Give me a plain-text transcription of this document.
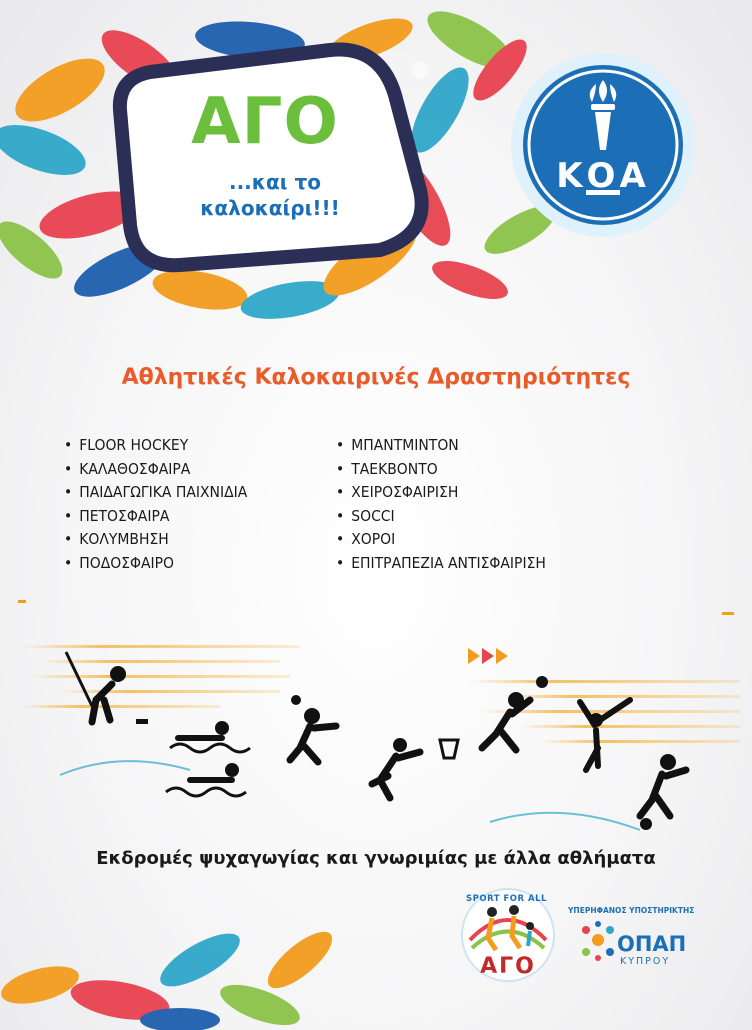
ΑΓΟ
...και το
καλοκαίρι!!!
ΚΟΑ
Αθλητικές Καλοκαιρινές Δραστηριότητες
• FLOOR HOCKEY
• ΚΑΛΑΘΟΣΦΑΙΡΑ
• ΠΑΙΔΑΓΩΓΙΚΑ ΠΑΙΧΝΙΔΙΑ
• ΠΕΤΟΣΦΑΙΡΑ
• ΚΟΛΥΜΒΗΣΗ
• ΠΟΔΟΣΦΑΙΡΟ
• ΜΠΑΝΤΜΙΝΤΟΝ
• ΤΑΕΚΒΟΝΤΟ
• ΧΕΙΡΟΣΦΑΙΡΙΣΗ
• SOCCI
• ΧΟΡΟΙ
• ΕΠΙΤΡΑΠΕΖΙΑ ΑΝΤΙΣΦΑΙΡΙΣΗ
Εκδρομές ψυχαγωγίας και γνωριμίας με άλλα αθλήματα
SPORT FOR ALL
ΑΓΟ
ΥΠΕΡΗΦΑΝΟΣ ΥΠΟΣΤΗΡΙΚΤΗΣ
ΟΠΑΠ
ΚΥΠΡΟΥ
